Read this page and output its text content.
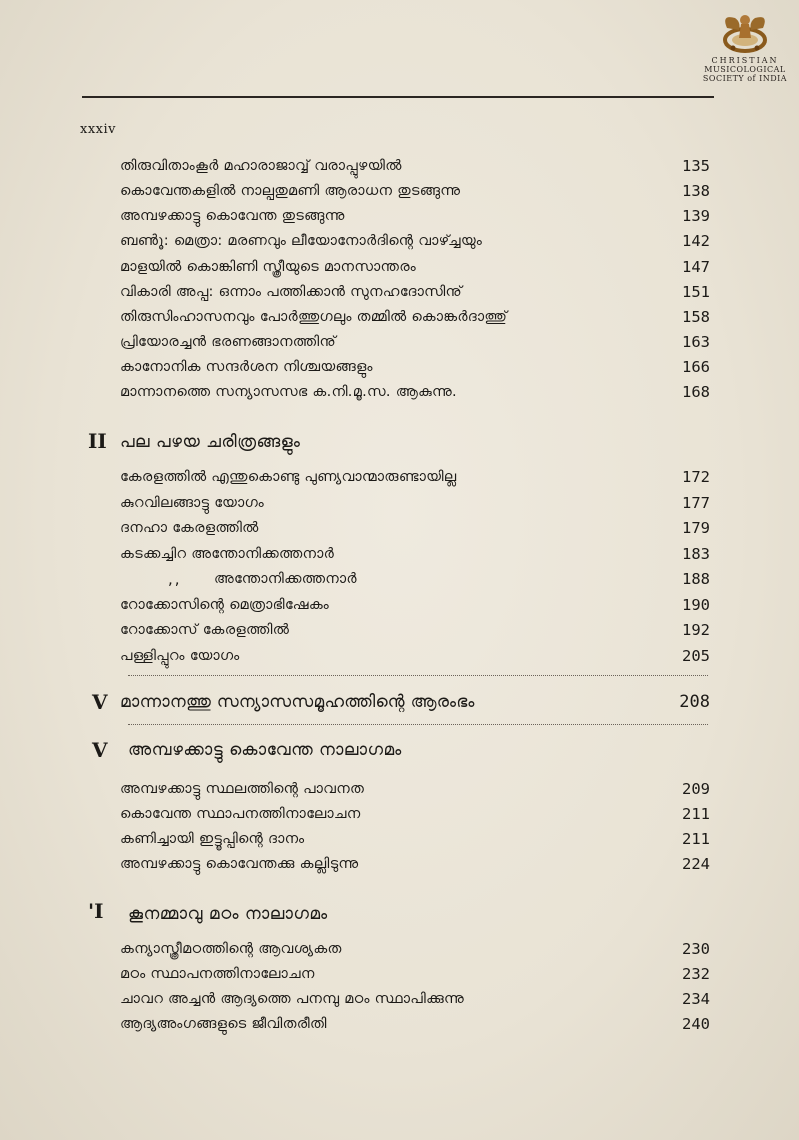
CHRISTIAN
MUSICOLOGICAL
SOCIETY of INDIA
xxxiv
തിരുവിതാംകൂർ മഹാരാജാവ്വ് വരാപ്പുഴയിൽ	135
കൊവേന്തകളിൽ നാല്പതുമണി ആരാധന തുടങ്ങുന്നു	138
അമ്പഴക്കാട്ടു കൊവേന്ത തുടങ്ങുന്നു	139
ബൺൂ: മെത്രാ: മരണവും ലീയോനോർദിന്റെ വാഴ്ച്ചയും	142
മാളയിൽ കൊങ്കിണി സ്ത്രീയുടെ മാനസാന്തരം	147
വികാരി അപ്പ: ഒന്നാം പത്തിക്കാൻ സുനഹദോസിനു്	151
തിരുസിംഹാസനവും പോർത്തുഗലും തമ്മിൽ കൊങ്കർദാത്തു്	158
പ്രിയോരച്ചൻ ഭരണങ്ങാനത്തിനു്	163
കാനോനിക സന്ദർശന നിശ്ചയങ്ങളും	166
മാന്നാനത്തെ സന്യാസസഭ ക.നി.മൂ.സ. ആകുന്നു.	168
II പല പഴയ ചരിത്രങ്ങളും
കേരളത്തിൽ എന്തുകൊണ്ടു പുണ്യവാന്മാരുണ്ടായില്ല	172
കുറവിലങ്ങാട്ടു യോഗം	177
ദനഹാ കേരളത്തിൽ	179
കടക്കച്ചിറ അന്തോനിക്കത്തനാർ	183
,, അന്തോനിക്കത്തനാർ	188
റോക്കോസിന്റെ മെത്രാഭിഷേകം	190
റോക്കോസ് കേരളത്തിൽ	192
പള്ളിപ്പുറം യോഗം	205
V മാന്നാനത്തു സന്യാസസമൂഹത്തിന്റെ ആരംഭം	208
V അമ്പഴക്കാട്ടു കൊവേന്ത നാലാഗമം
അമ്പഴക്കാട്ടു സ്ഥലത്തിന്റെ പാവനത	209
കൊവേന്ത സ്ഥാപനത്തിനാലോചന	211
കണിച്ചായി ഇട്ടൂപ്പിന്റെ ദാനം	211
അമ്പഴക്കാട്ടു കൊവേന്തക്കു കല്ലിടുന്നു	224
'I കൂനമ്മാവു മഠം നാലാഗമം
കന്യാസ്ത്രീമഠത്തിന്റെ ആവശ്യകത	230
മഠം സ്ഥാപനത്തിനാലോചന	232
ചാവറ അച്ചൻ ആദ്യത്തെ പനമ്പു മഠം സ്ഥാപിക്കുന്നു	234
ആദ്യഅംഗങ്ങളുടെ ജീവിതരീതി	240
